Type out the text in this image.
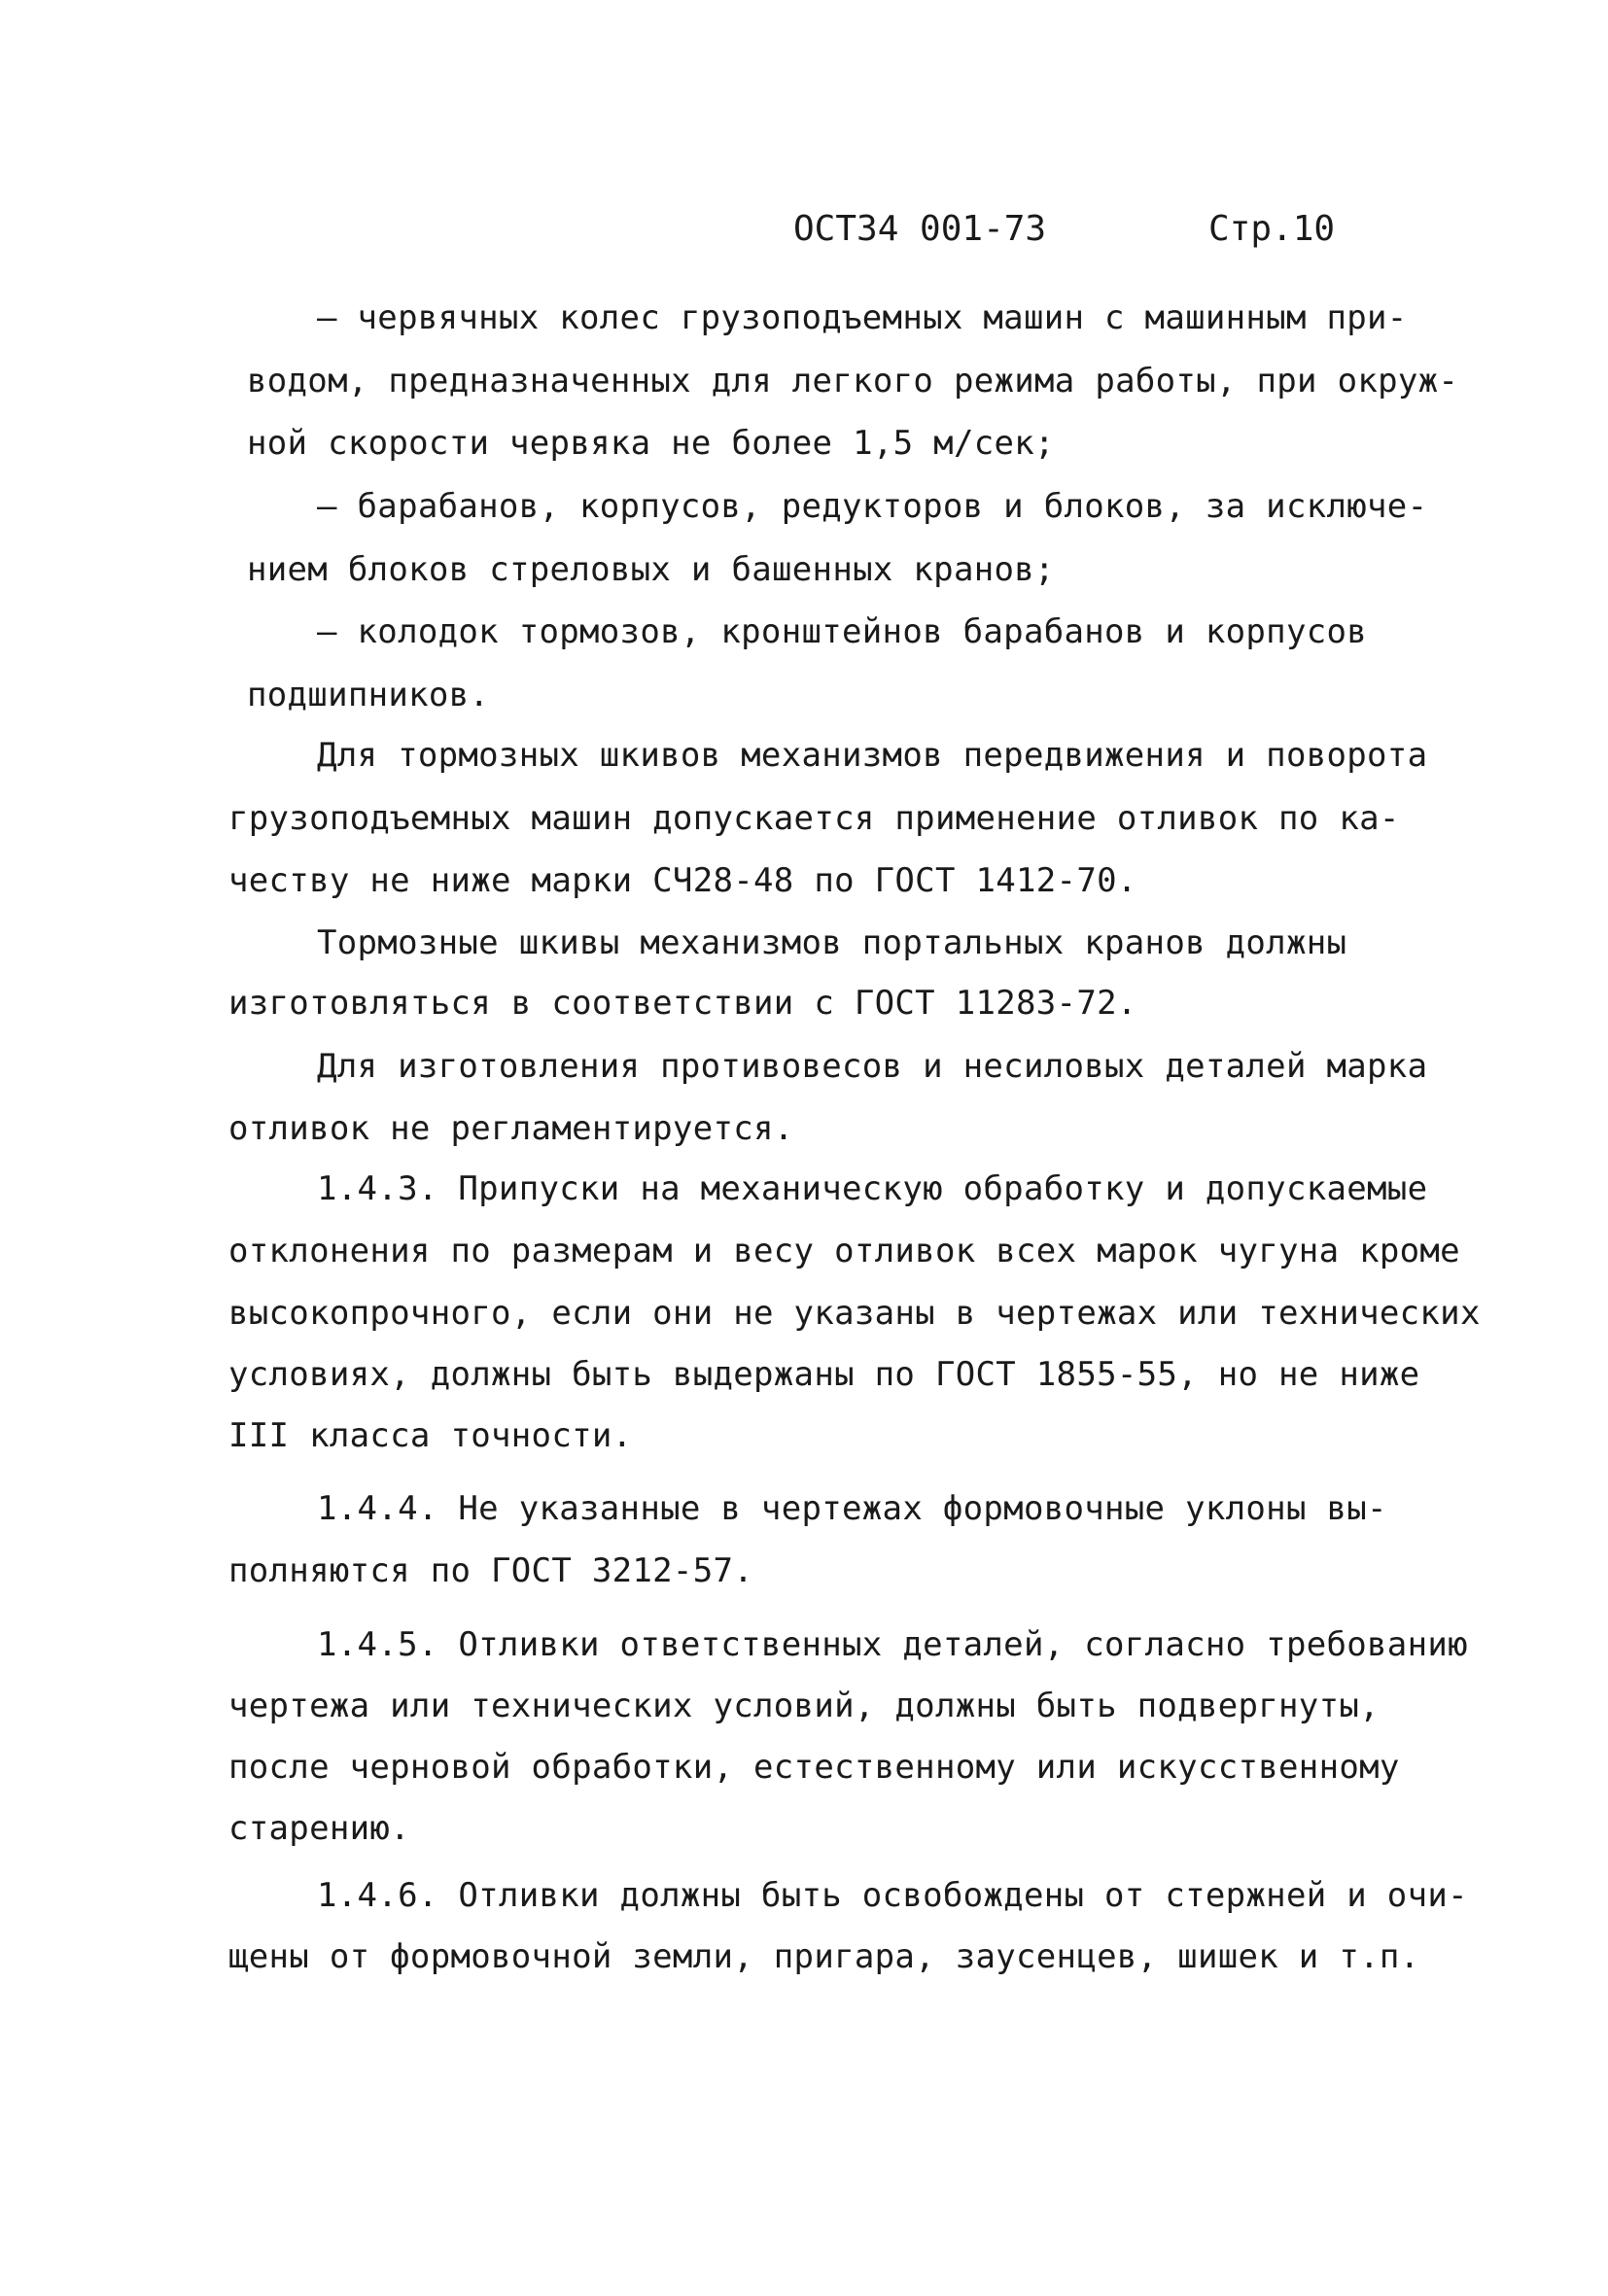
ОСТ34 001-73	Стр.10
– червячных колес грузоподъемных машин с машинным при-
водом, предназначенных для легкого режима работы, при окруж-
ной скорости червяка не более 1,5 м/сек;
– барабанов, корпусов, редукторов и блоков, за исключе-
нием блоков стреловых и башенных кранов;
– колодок тормозов, кронштейнов барабанов и корпусов
подшипников.
Для тормозных шкивов механизмов передвижения и поворота
грузоподъемных машин допускается применение отливок по ка-
честву не ниже марки СЧ28-48 по ГОСТ 1412-70.
Тормозные шкивы механизмов портальных кранов должны
изготовляться в соответствии с ГОСТ 11283-72.
Для изготовления противовесов и несиловых деталей марка
отливок не регламентируется.
1.4.3. Припуски на механическую обработку и допускаемые
отклонения по размерам и весу отливок всех марок чугуна кроме
высокопрочного, если они не указаны в чертежах или технических
условиях, должны быть выдержаны по ГОСТ 1855-55, но не ниже
III класса точности.
1.4.4. Не указанные в чертежах формовочные уклоны вы-
полняются по ГОСТ 3212-57.
1.4.5. Отливки ответственных деталей, согласно требованию
чертежа или технических условий, должны быть подвергнуты,
после черновой обработки, естественному или искусственному
старению.
1.4.6. Отливки должны быть освобождены от стержней и очи-
щены от формовочной земли, пригара, заусенцев, шишек и т.п.
